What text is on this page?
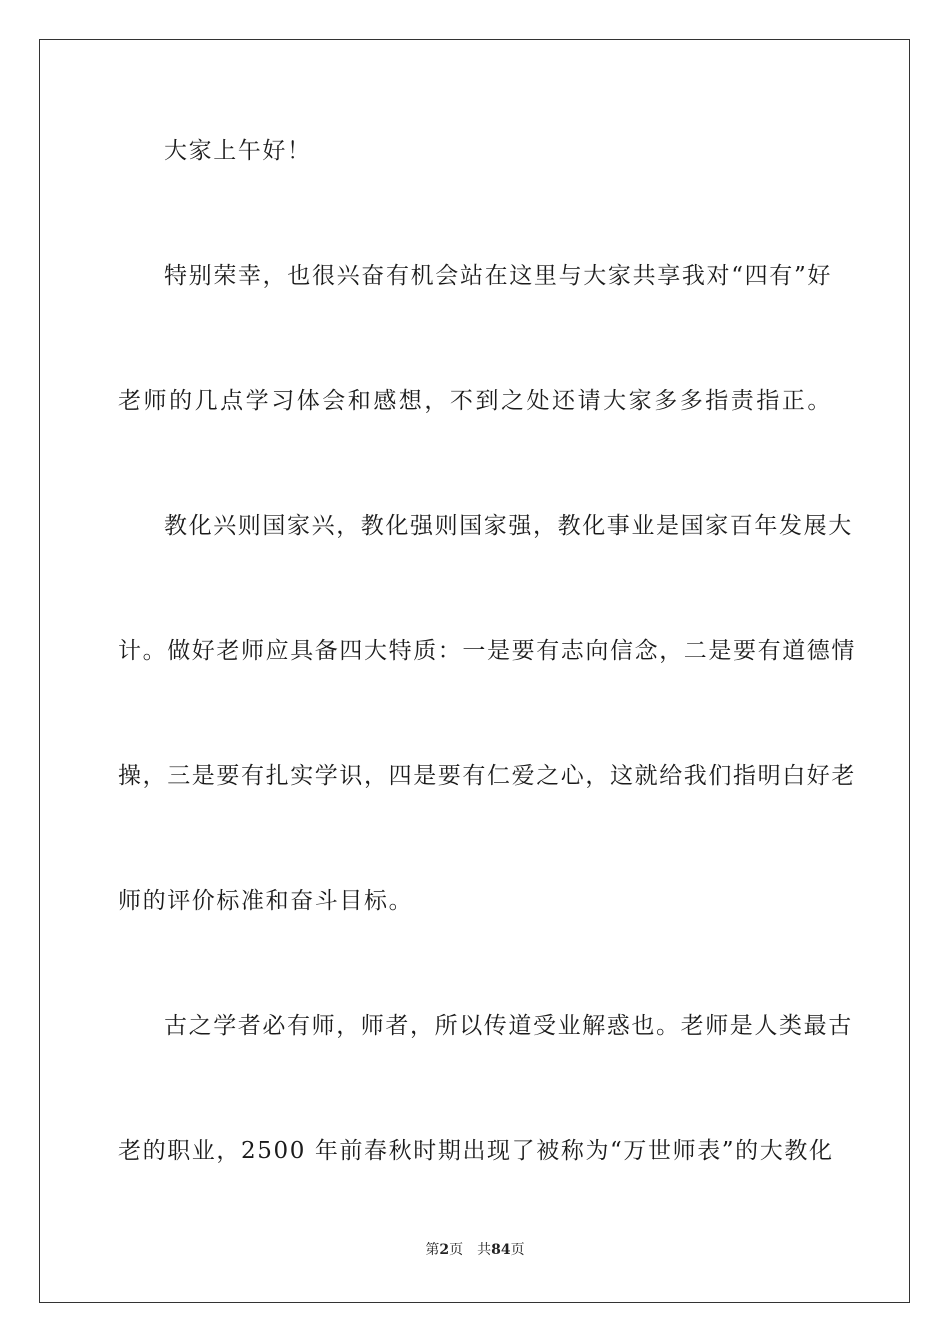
大家上午好！
特别荣幸，也很兴奋有机会站在这里与大家共享我对“四有”好
老师的几点学习体会和感想，不到之处还请大家多多指责指正。
教化兴则国家兴，教化强则国家强，教化事业是国家百年发展大
计。做好老师应具备四大特质：一是要有志向信念，二是要有道德情
操，三是要有扎实学识，四是要有仁爱之心，这就给我们指明白好老
师的评价标准和奋斗目标。
古之学者必有师，师者，所以传道受业解惑也。老师是人类最古
老的职业，2500 年前春秋时期出现了被称为“万世师表”的大教化
第2页 共84页
